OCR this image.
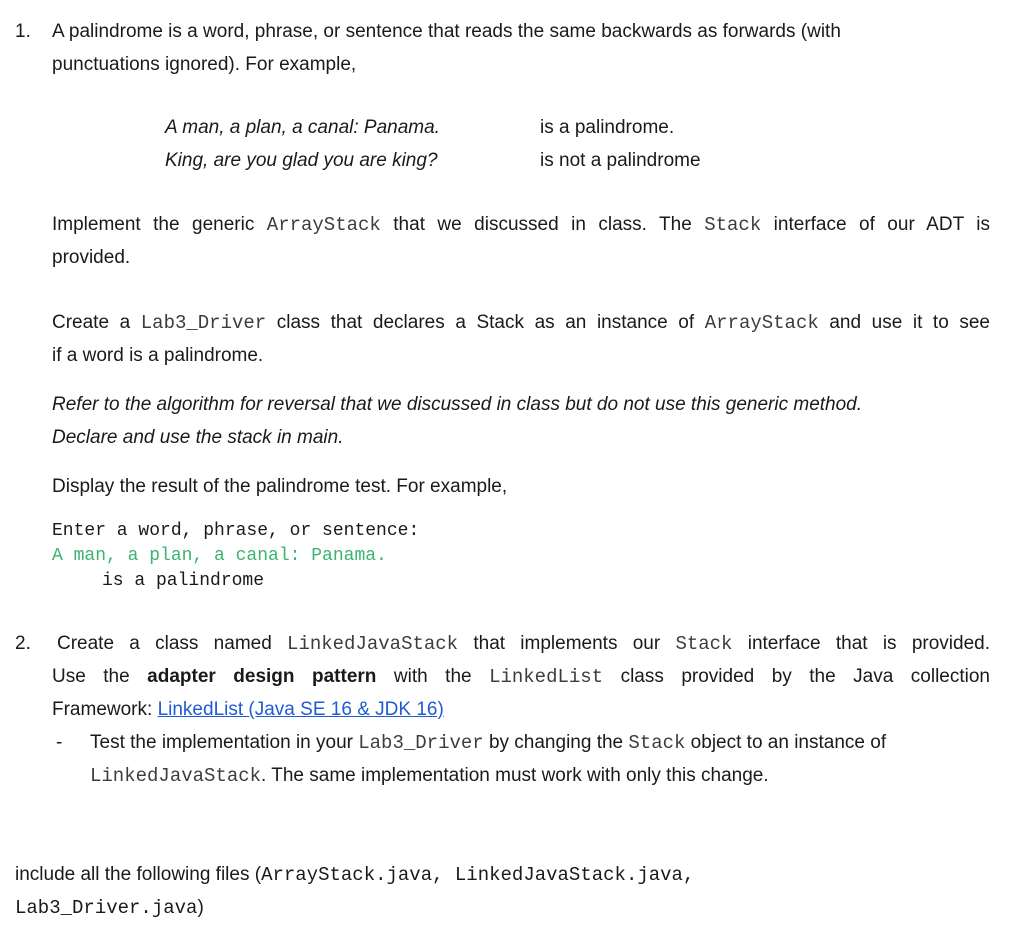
1. A palindrome is a word, phrase, or sentence that reads the same backwards as forwards (with
punctuations ignored). For example,
A man, a plan, a canal: Panama.	is a palindrome.
King, are you glad you are king?	is not a palindrome
Implement the generic ArrayStack that we discussed in class. The Stack interface of our ADT is
provided.
Create a Lab3_Driver class that declares a Stack as an instance of ArrayStack and use it to see
if a word is a palindrome.
Refer to the algorithm for reversal that we discussed in class but do not use this generic method.
Declare and use the stack in main.
Display the result of the palindrome test. For example,
Enter a word, phrase, or sentence:
A man, a plan, a canal: Panama.
is a palindrome
2. Create a class named LinkedJavaStack that implements our Stack interface that is provided.
Use the adapter design pattern with the LinkedList class provided by the Java collection
Framework: LinkedList (Java SE 16 & JDK 16)
- Test the implementation in your Lab3_Driver by changing the Stack object to an instance of
LinkedJavaStack. The same implementation must work with only this change.
include all the following files (ArrayStack.java, LinkedJavaStack.java,
Lab3_Driver.java)
